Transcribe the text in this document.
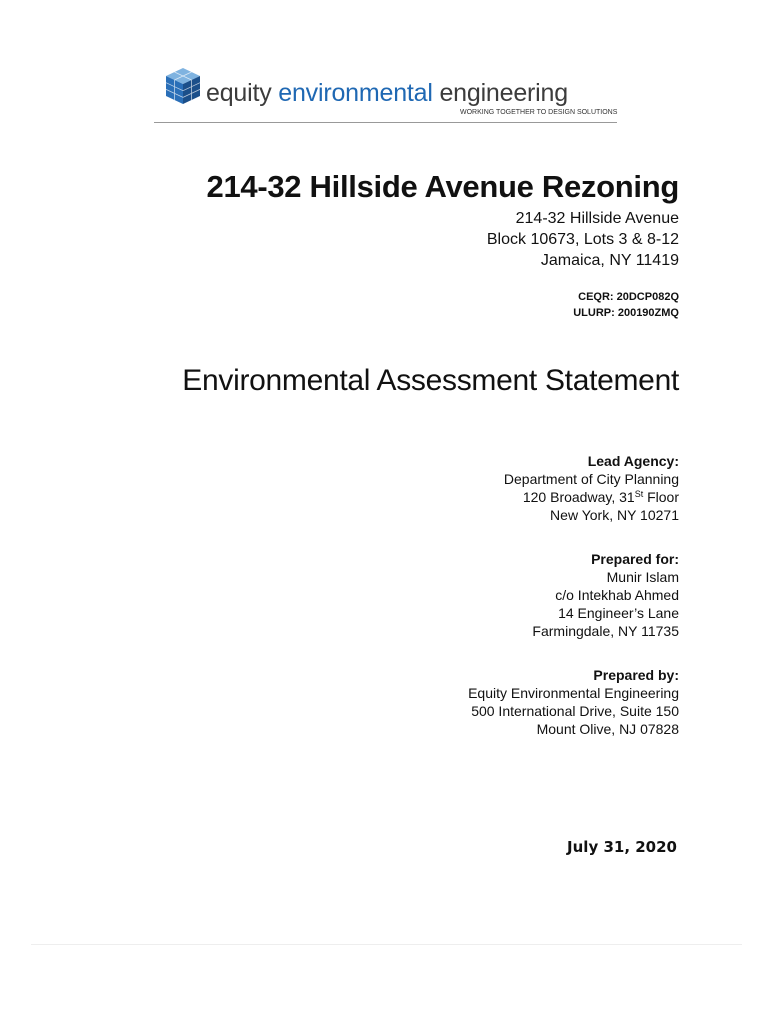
equity environmental engineering
WORKING TOGETHER TO DESIGN SOLUTIONS
214-32 Hillside Avenue Rezoning
214-32 Hillside Avenue
Block 10673, Lots 3 & 8-12
Jamaica, NY 11419
CEQR: 20DCP082Q
ULURP: 200190ZMQ
Environmental Assessment Statement
Lead Agency:
Department of City Planning
120 Broadway, 31St Floor
New York, NY 10271
Prepared for:
Munir Islam
c/o Intekhab Ahmed
14 Engineer’s Lane
Farmingdale, NY 11735
Prepared by:
Equity Environmental Engineering
500 International Drive, Suite 150
Mount Olive, NJ 07828
July 31, 2020
